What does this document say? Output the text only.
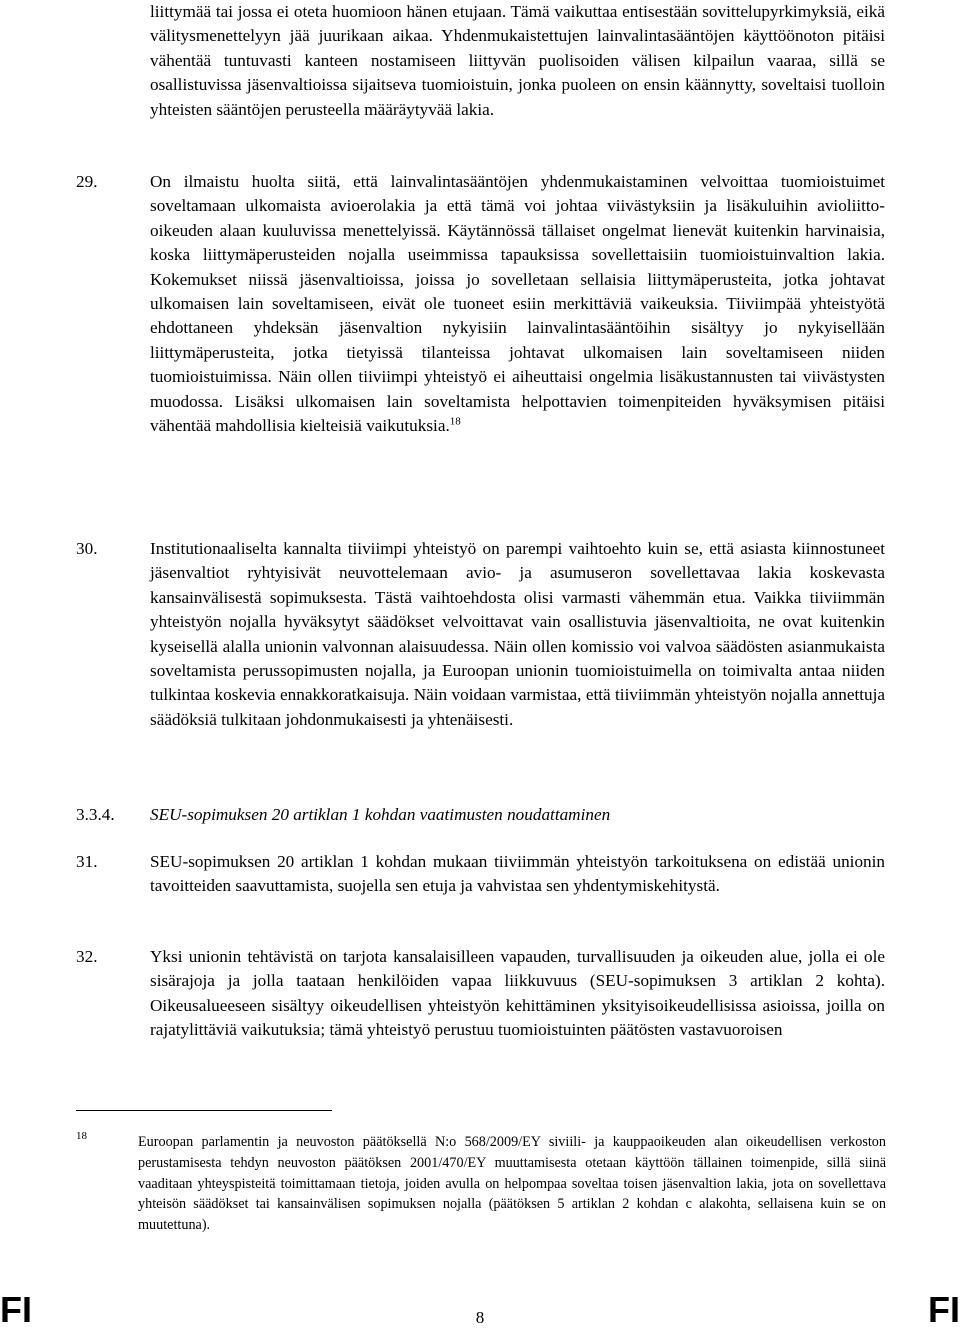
liittymää tai jossa ei oteta huomioon hänen etujaan. Tämä vaikuttaa entisestään sovittelupyrkimyksiä, eikä välitysmenettelyyn jää juurikaan aikaa. Yhdenmukaistettujen lainvalintasääntöjen käyttöönoton pitäisi vähentää tuntuvasti kanteen nostamiseen liittyvän puolisoiden välisen kilpailun vaaraa, sillä se osallistuvissa jäsenvaltioissa sijaitseva tuomioistuin, jonka puoleen on ensin käännytty, soveltaisi tuolloin yhteisten sääntöjen perusteella määräytyvää lakia.
29.	On ilmaistu huolta siitä, että lainvalintasääntöjen yhdenmukaistaminen velvoittaa tuomioistuimet soveltamaan ulkomaista avioerolakia ja että tämä voi johtaa viivästyksiin ja lisäkuluihin avioliitto-oikeuden alaan kuuluvissa menettelyissä. Käytännössä tällaiset ongelmat lienevät kuitenkin harvinaisia, koska liittymäperusteiden nojalla useimmissa tapauksissa sovellettaisiin tuomioistuinvaltion lakia. Kokemukset niissä jäsenvaltioissa, joissa jo sovelletaan sellaisia liittymäperusteita, jotka johtavat ulkomaisen lain soveltamiseen, eivät ole tuoneet esiin merkittäviä vaikeuksia. Tiiviimpää yhteistyötä ehdottaneen yhdeksän jäsenvaltion nykyisiin lainvalintasääntöihin sisältyy jo nykyisellään liittymäperusteita, jotka tietyissä tilanteissa johtavat ulkomaisen lain soveltamiseen niiden tuomioistuimissa. Näin ollen tiiviimpi yhteistyö ei aiheuttaisi ongelmia lisäkustannusten tai viivästysten muodossa. Lisäksi ulkomaisen lain soveltamista helpottavien toimenpiteiden hyväksymisen pitäisi vähentää mahdollisia kielteisiä vaikutuksia.$^{18}$
30.	Institutionaaliselta kannalta tiiviimpi yhteistyö on parempi vaihtoehto kuin se, että asiasta kiinnostuneet jäsenvaltiot ryhtyisivät neuvottelemaan avio- ja asumuseron sovellettavaa lakia koskevasta kansainvälisestä sopimuksesta. Tästä vaihtoehdosta olisi varmasti vähemmän etua. Vaikka tiiviimmän yhteistyön nojalla hyväksytyt säädökset velvoittavat vain osallistuvia jäsenvaltioita, ne ovat kuitenkin kyseisellä alalla unionin valvonnan alaisuudessa. Näin ollen komissio voi valvoa säädösten asianmukaista soveltamista perussopimusten nojalla, ja Euroopan unionin tuomioistuimella on toimivalta antaa niiden tulkintaa koskevia ennakkoratkaisuja. Näin voidaan varmistaa, että tiiviimmän yhteistyön nojalla annettuja säädöksiä tulkitaan johdonmukaisesti ja yhtenäisesti.
3.3.4. SEU-sopimuksen 20 artiklan 1 kohdan vaatimusten noudattaminen
31.	SEU-sopimuksen 20 artiklan 1 kohdan mukaan tiiviimmän yhteistyön tarkoituksena on edistää unionin tavoitteiden saavuttamista, suojella sen etuja ja vahvistaa sen yhdentymiskehitystä.
32.	Yksi unionin tehtävistä on tarjota kansalaisilleen vapauden, turvallisuuden ja oikeuden alue, jolla ei ole sisärajoja ja jolla taataan henkilöiden vapaa liikkuvuus (SEU-sopimuksen 3 artiklan 2 kohta). Oikeusalueeseen sisältyy oikeudellisen yhteistyön kehittäminen yksityisoikeudellisissa asioissa, joilla on rajatylittäviä vaikutuksia; tämä yhteistyö perustuu tuomioistuinten päätösten vastavuoroisen
18	Euroopan parlamentin ja neuvoston päätöksellä N:o 568/2009/EY siviili- ja kauppaoikeuden alan oikeudellisen verkoston perustamisesta tehdyn neuvoston päätöksen 2001/470/EY muuttamisesta otetaan käyttöön tällainen toimenpide, sillä siinä vaaditaan yhteyspisteitä toimittamaan tietoja, joiden avulla on helpompaa soveltaa toisen jäsenvaltion lakia, jota on sovellettava yhteisön säädökset tai kansainvälisen sopimuksen nojalla (päätöksen 5 artiklan 2 kohdan c alakohta, sellaisena kuin se on muutettuna).
FI	8	FI
